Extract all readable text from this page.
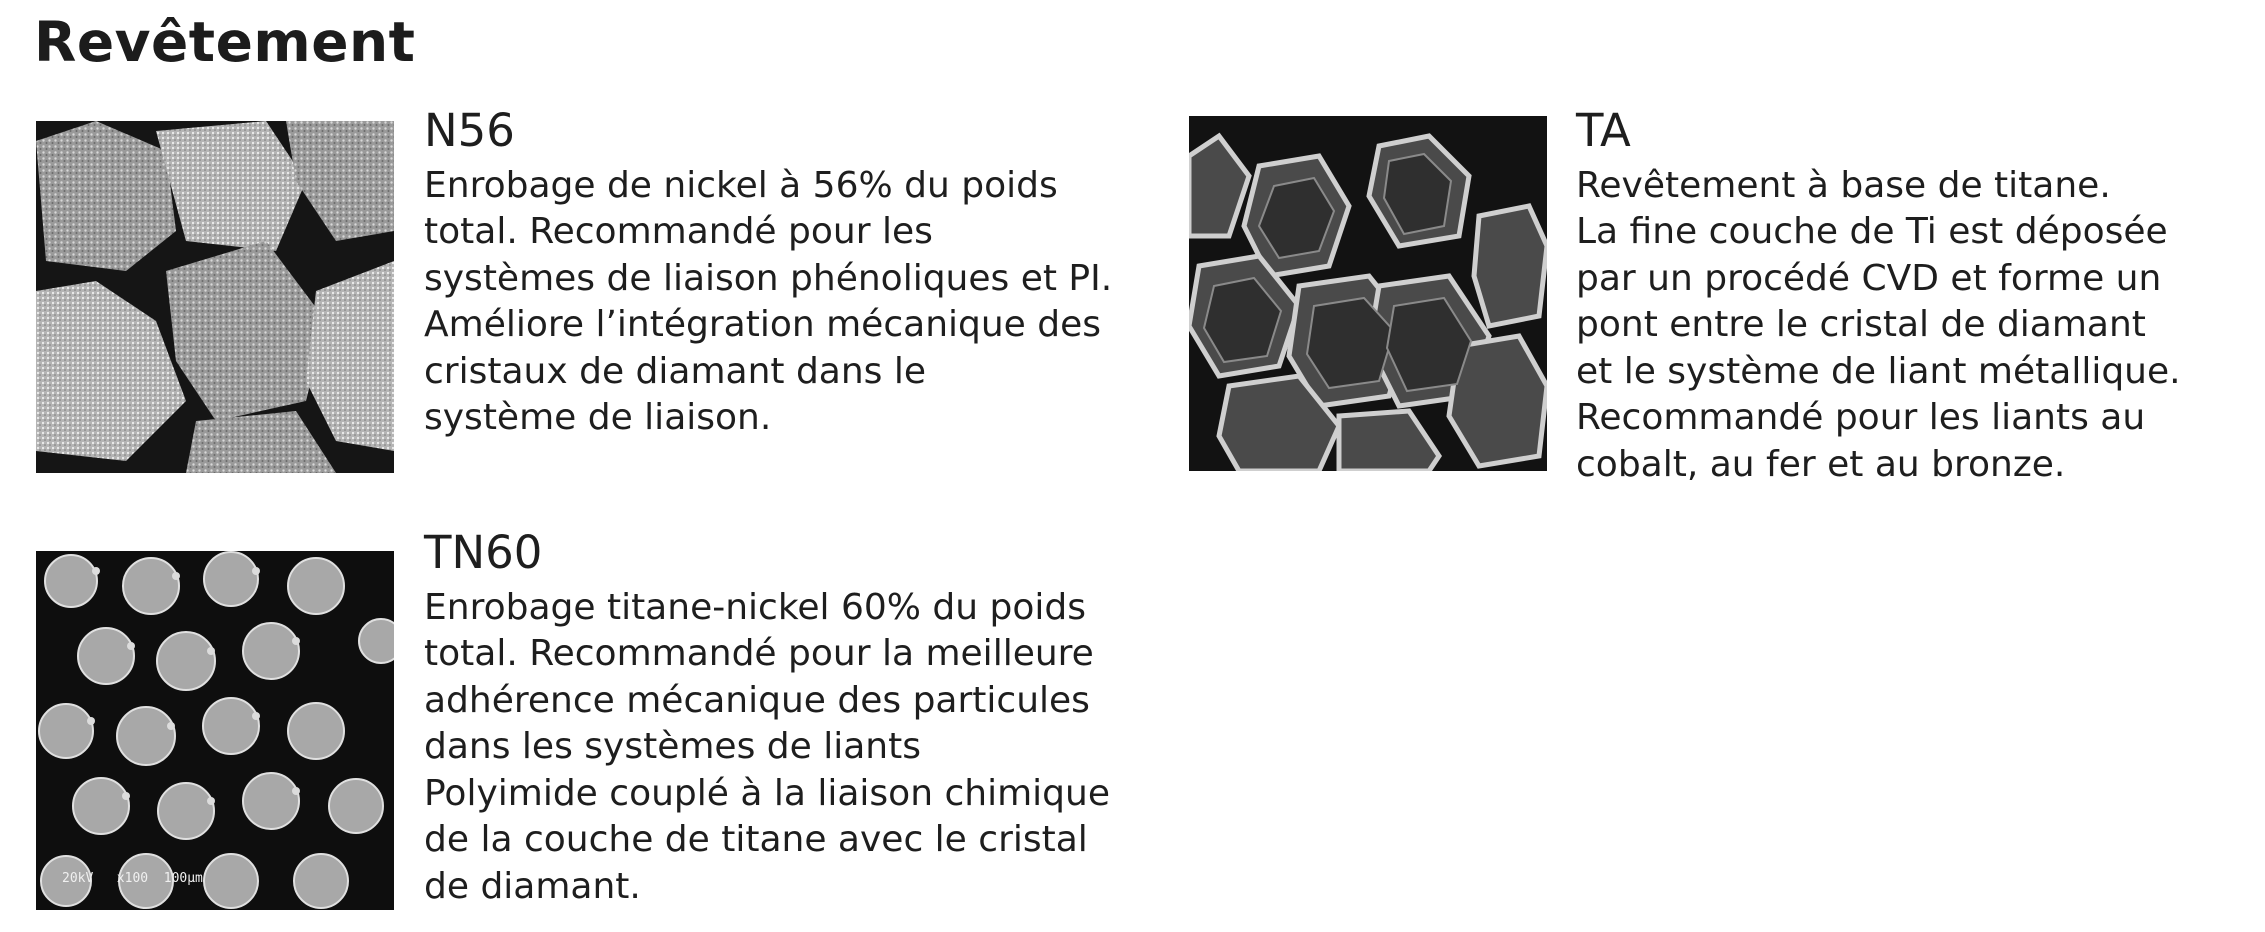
Revêtement
N56
Enrobage de nickel à 56% du poids
total. Recommandé pour les
systèmes de liaison phénoliques et PI.
Améliore l’intégration mécanique des
cristaux de diamant dans le
système de liaison.
TA
Revêtement à base de titane.
La fine couche de Ti est déposée
par un procédé CVD et forme un
pont entre le cristal de diamant
et le système de liant métallique.
Recommandé pour les liants au
cobalt, au fer et au bronze.
20kV   x100  100µm
TN60
Enrobage titane-nickel 60% du poids
total. Recommandé pour la meilleure
adhérence mécanique des particules
dans les systèmes de liants
Polyimide couplé à la liaison chimique
de la couche de titane avec le cristal
de diamant.
